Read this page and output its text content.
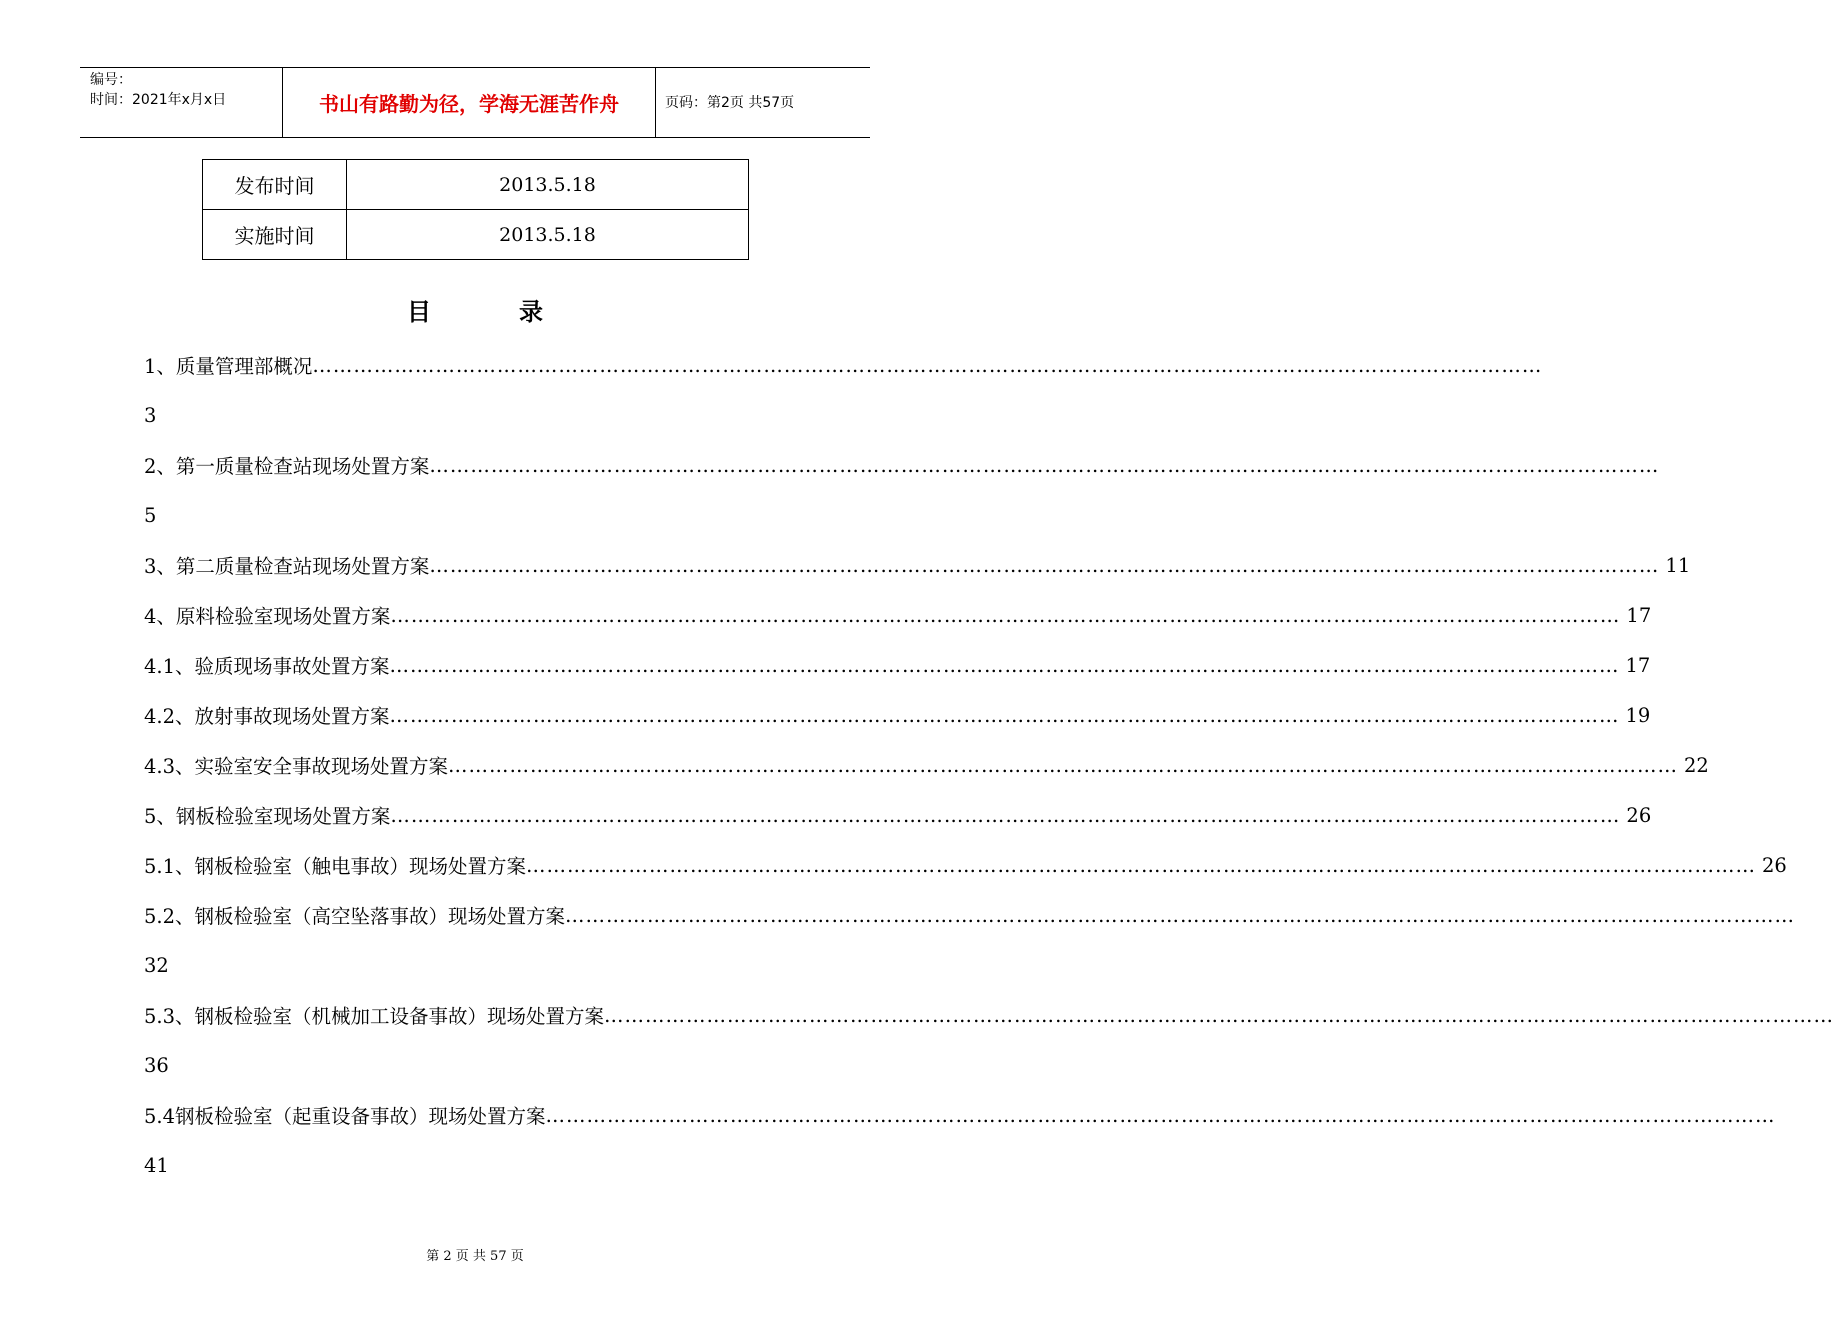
编号：
时间：2021年x月x日	书山有路勤为径，学海无涯苦作舟	页码：第2页 共57页
发布时间	2013.5.18
实施时间	2013.5.18
目录
1、质量管理部概况 ………………………………………………………………………………………………………………………………………………………………
3
2、第一质量检查站现场处置方案 ………………………………………………………………………………………………………………………………………………………………
5
3、第二质量检查站现场处置方案 ……………………………………………………………………………………………………………………………………………………………… 11
4、原料检验室现场处置方案 ……………………………………………………………………………………………………………………………………………………………… 17
4.1、验质现场事故处置方案 ……………………………………………………………………………………………………………………………………………………………… 17
4.2、放射事故现场处置方案 ……………………………………………………………………………………………………………………………………………………………… 19
4.3、实验室安全事故现场处置方案 ……………………………………………………………………………………………………………………………………………………………… 22
5、钢板检验室现场处置方案 ……………………………………………………………………………………………………………………………………………………………… 26
5.1、钢板检验室（触电事故）现场处置方案 ……………………………………………………………………………………………………………………………………………………………… 26
5.2、钢板检验室（高空坠落事故）现场处置方案 ………………………………………………………………………………………………………………………………………………………………
32
5.3、钢板检验室（机械加工设备事故）现场处置方案 ………………………………………………………………………………………………………………………………………………………………
36
5.4钢板检验室（起重设备事故）现场处置方案 ………………………………………………………………………………………………………………………………………………………………
41
第 2 页 共 57 页
